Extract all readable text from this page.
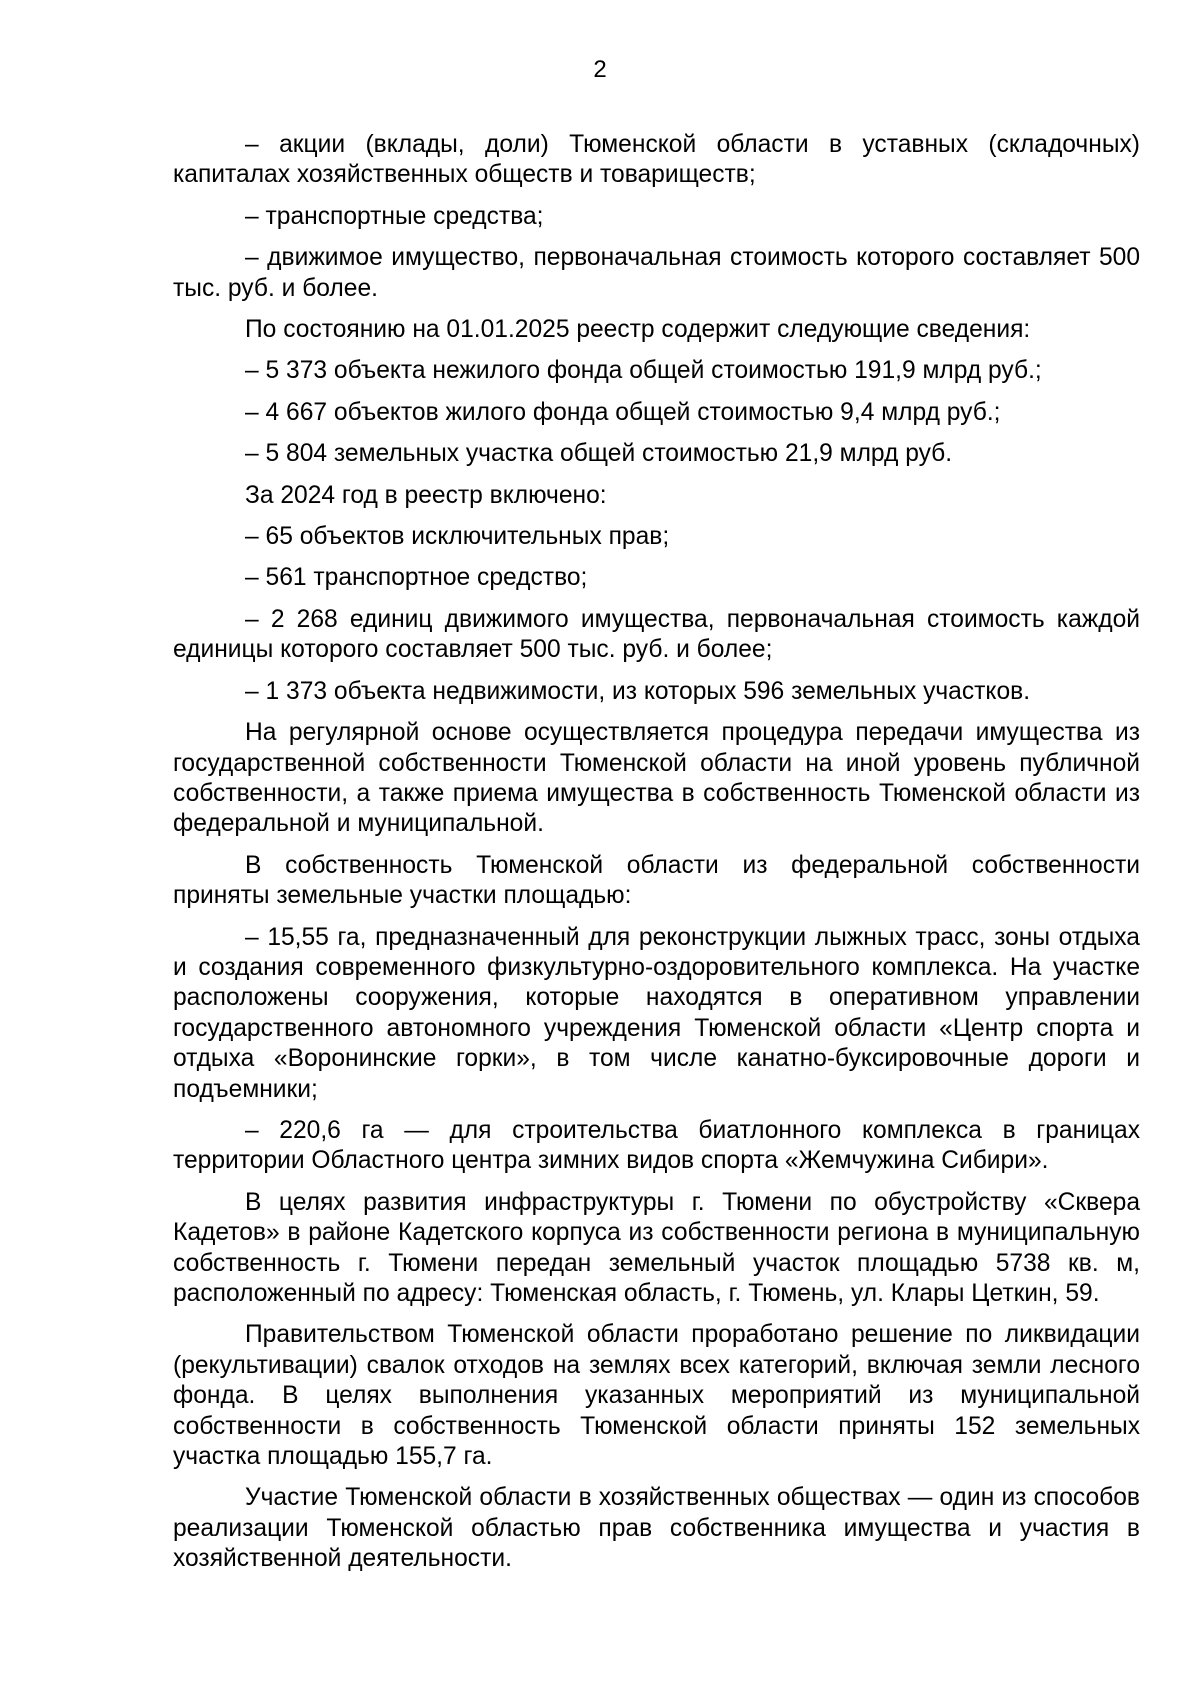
2

– акции (вклады, доли) Тюменской области в уставных (складочных) капиталах хозяйственных обществ и товариществ;

– транспортные средства;

– движимое имущество, первоначальная стоимость которого составляет 500 тыс. руб. и более.

По состоянию на 01.01.2025 реестр содержит следующие сведения:

– 5 373 объекта нежилого фонда общей стоимостью 191,9 млрд руб.;

– 4 667 объектов жилого фонда общей стоимостью 9,4 млрд руб.;

– 5 804 земельных участка общей стоимостью 21,9 млрд руб.

За 2024 год в реестр включено:

– 65 объектов исключительных прав;

– 561 транспортное средство;

– 2 268 единиц движимого имущества, первоначальная стоимость каждой единицы которого составляет 500 тыс. руб. и более;

– 1 373 объекта недвижимости, из которых 596 земельных участков.

На регулярной основе осуществляется процедура передачи имущества из государственной собственности Тюменской области на иной уровень публичной собственности, а также приема имущества в собственность Тюменской области из федеральной и муниципальной.

В собственность Тюменской области из федеральной собственности приняты земельные участки площадью:

– 15,55 га, предназначенный для реконструкции лыжных трасс, зоны отдыха и создания современного физкультурно-оздоровительного комплекса. На участке расположены сооружения, которые находятся в оперативном управлении государственного автономного учреждения Тюменской области «Центр спорта и отдыха «Воронинские горки», в том числе канатно-буксировочные дороги и подъемники;

– 220,6 га — для строительства биатлонного комплекса в границах территории Областного центра зимних видов спорта «Жемчужина Сибири».

В целях развития инфраструктуры г. Тюмени по обустройству «Сквера Кадетов» в районе Кадетского корпуса из собственности региона в муниципальную собственность г. Тюмени передан земельный участок площадью 5738 кв. м, расположенный по адресу: Тюменская область, г. Тюмень, ул. Клары Цеткин, 59.

Правительством Тюменской области проработано решение по ликвидации (рекультивации) свалок отходов на землях всех категорий, включая земли лесного фонда. В целях выполнения указанных мероприятий из муниципальной собственности в собственность Тюменской области приняты 152 земельных участка площадью 155,7 га.

Участие Тюменской области в хозяйственных обществах — один из способов реализации Тюменской областью прав собственника имущества и участия в хозяйственной деятельности.
